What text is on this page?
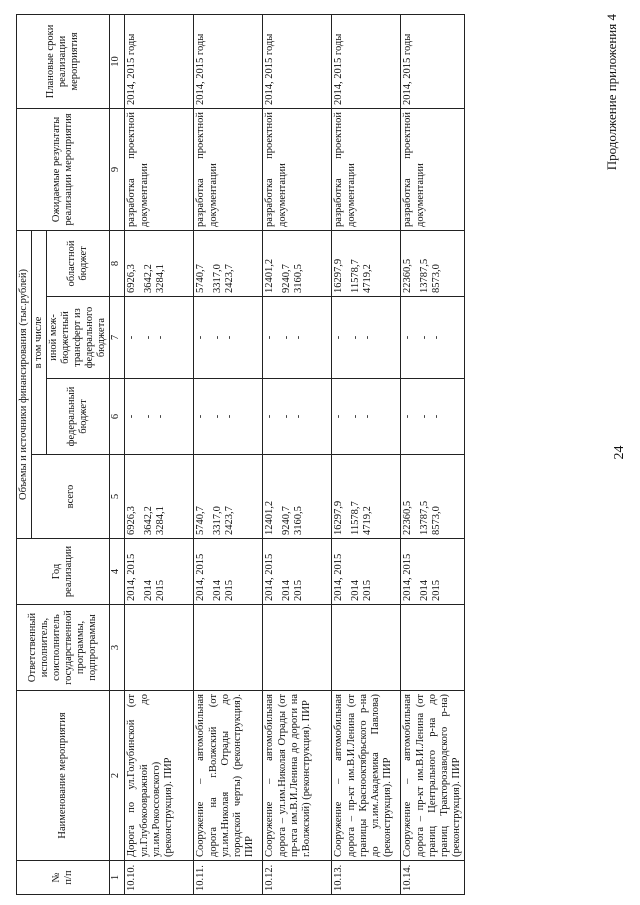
24
Продолжение приложения 4
№
п/п	Наименование мероприятия	Ответственный исполнитель, соисполнитель государственной программы, подпрограммы	Год реализации	Объемы и источники финансирования (тыс.рублей)				Ожидаемые результаты реализации мероприятия	Плановые сроки реализации мероприятия
				всего	в том числе				
					федеральный бюджет	иной меж-бюджетный трансферт из федерального бюджета	областной бюджет		
1	2	3	4	5	6	7	8	9	10
10.10.	Дорога по ул.Голубинской (от ул.Глубокоовражной до ул.им.Рокоссовского) (реконструкция). ПИР		2014, 2015 2014 2015	6926,3 3642,2 3284,1	- - -	- - -	6926,3 3642,2 3284,1	разработка проектной документации	2014, 2015 годы
10.11.	Сооружение – автомобильная дорога на г.Волжский (от ул.им.Николая Отрады до городской черты) (реконструкция). ПИР		2014, 2015 2014 2015	5740,7 3317,0 2423,7	- - -	- - -	5740,7 3317,0 2423,7	разработка проектной документации	2014, 2015 годы
10.12.	Сооружение – автомобильная дорога – ул.им.Николая Отрады (от пр-кта им.В.И.Ленина до дороги на г.Волжский) (реконструкция). ПИР		2014, 2015 2014 2015	12401,2 9240,7 3160,5	- - -	- - -	12401,2 9240,7 3160,5	разработка проектной документации	2014, 2015 годы
10.13.	Сооружение – автомобильная дорога – пр-кт им.В.И.Ленина (от границы Краснооктябрьского р-на до ул.им.Академика Павлова) (реконструкция). ПИР		2014, 2015 2014 2015	16297,9 11578,7 4719,2	- - -	- - -	16297,9 11578,7 4719,2	разработка проектной документации	2014, 2015 годы
10.14.	Сооружение – автомобильная дорога – пр-кт им.В.И.Ленина (от границ Центрального р-на до границ Тракторозаводского р-на) (реконструкция). ПИР		2014, 2015 2014 2015	22360,5 13787,5 8573,0	- - -	- - -	22360,5 13787,5 8573,0	разработка проектной документации	2014, 2015 годы
